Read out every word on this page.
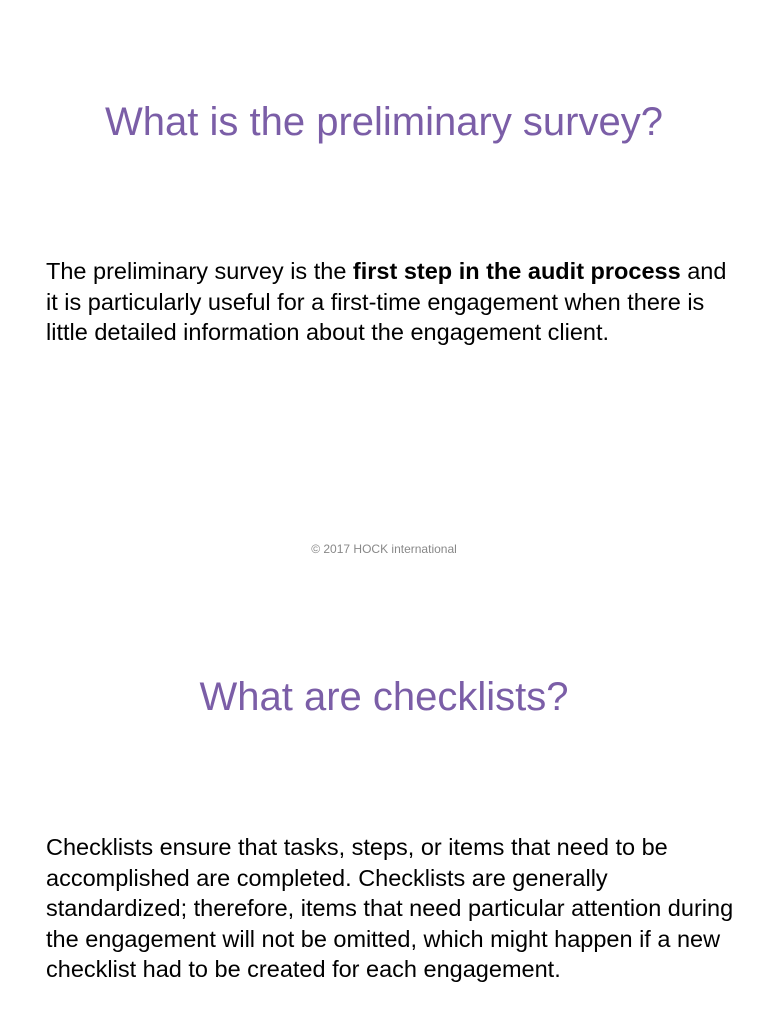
What is the preliminary survey?

The preliminary survey is the first step in the audit process and it is particularly useful for a first-time engagement when there is little detailed information about the engagement client.

© 2017 HOCK international

What are checklists?

Checklists ensure that tasks, steps, or items that need to be accomplished are completed. Checklists are generally standardized; therefore, items that need particular attention during the engagement will not be omitted, which might happen if a new checklist had to be created for each engagement.
